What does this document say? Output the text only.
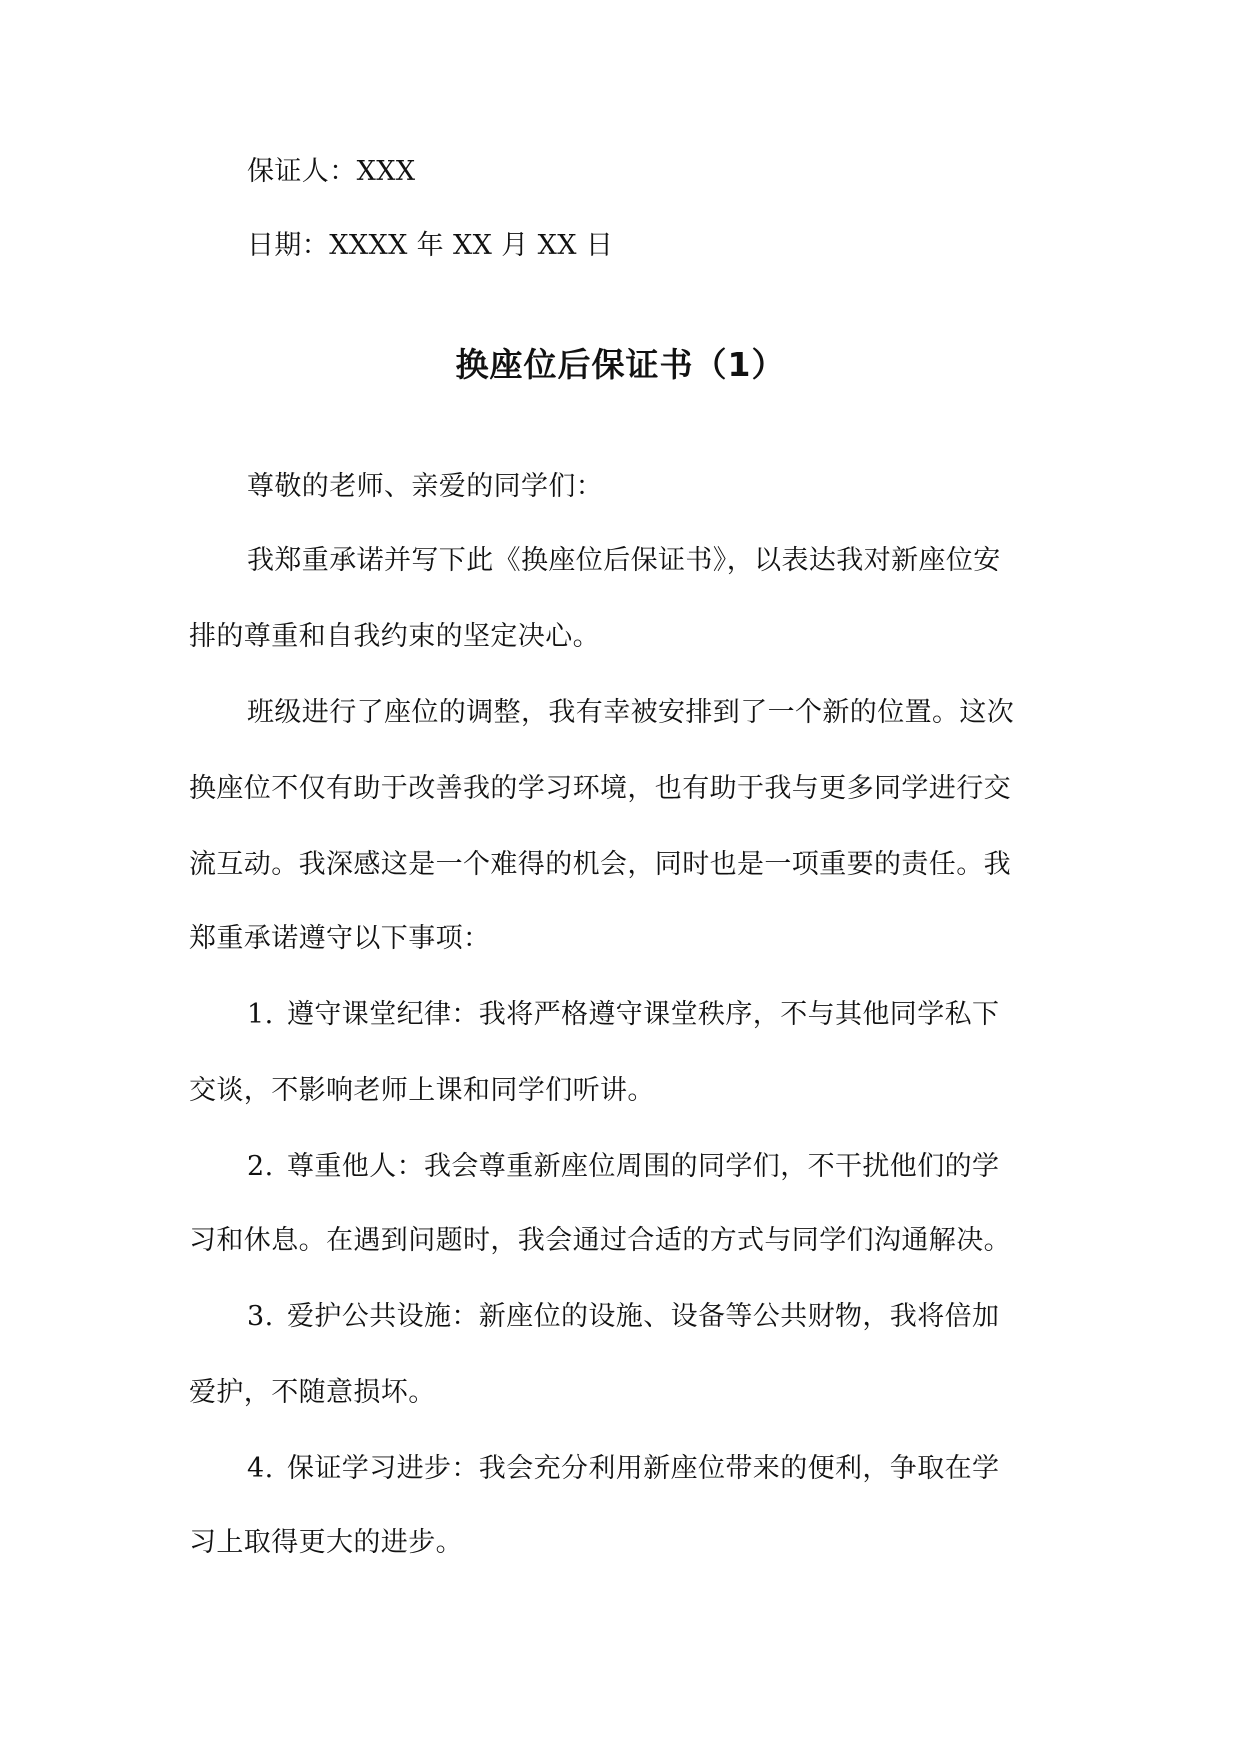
保证人：XXX
日期：XXXX 年 XX 月 XX 日
换座位后保证书（1）
尊敬的老师、亲爱的同学们：
我郑重承诺并写下此《换座位后保证书》，以表达我对新座位安
排的尊重和自我约束的坚定决心。
班级进行了座位的调整，我有幸被安排到了一个新的位置。这次
换座位不仅有助于改善我的学习环境，也有助于我与更多同学进行交
流互动。我深感这是一个难得的机会，同时也是一项重要的责任。我
郑重承诺遵守以下事项：
1. 遵守课堂纪律：我将严格遵守课堂秩序，不与其他同学私下
交谈，不影响老师上课和同学们听讲。
2. 尊重他人：我会尊重新座位周围的同学们，不干扰他们的学
习和休息。在遇到问题时，我会通过合适的方式与同学们沟通解决。
3. 爱护公共设施：新座位的设施、设备等公共财物，我将倍加
爱护，不随意损坏。
4. 保证学习进步：我会充分利用新座位带来的便利，争取在学
习上取得更大的进步。
